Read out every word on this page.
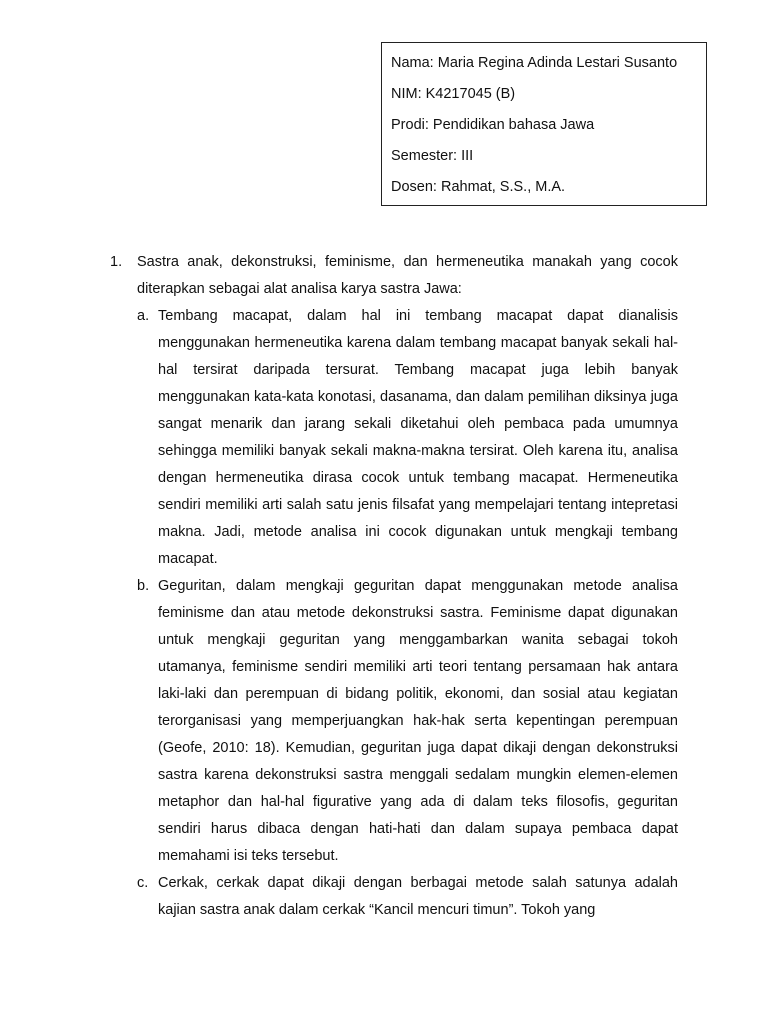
Nama: Maria Regina Adinda Lestari Susanto

NIM: K4217045 (B)

Prodi: Pendidikan bahasa Jawa

Semester: III

Dosen: Rahmat, S.S., M.A.

1. Sastra anak, dekonstruksi, feminisme, dan hermeneutika manakah yang cocok diterapkan sebagai alat analisa karya sastra Jawa:

a. Tembang macapat, dalam hal ini tembang macapat dapat dianalisis menggunakan hermeneutika karena dalam tembang macapat banyak sekali hal-hal tersirat daripada tersurat. Tembang macapat juga lebih banyak menggunakan kata-kata konotasi, dasanama, dan dalam pemilihan diksinya juga sangat menarik dan jarang sekali diketahui oleh pembaca pada umumnya sehingga memiliki banyak sekali makna-makna tersirat. Oleh karena itu, analisa dengan hermeneutika dirasa cocok untuk tembang macapat. Hermeneutika sendiri memiliki arti salah satu jenis filsafat yang mempelajari tentang intepretasi makna. Jadi, metode analisa ini cocok digunakan untuk mengkaji tembang macapat.

b. Geguritan, dalam mengkaji geguritan dapat menggunakan metode analisa feminisme dan atau metode dekonstruksi sastra. Feminisme dapat digunakan untuk mengkaji geguritan yang menggambarkan wanita sebagai tokoh utamanya, feminisme sendiri memiliki arti teori tentang persamaan hak antara laki-laki dan perempuan di bidang politik, ekonomi, dan sosial atau kegiatan terorganisasi yang memperjuangkan hak-hak serta kepentingan perempuan (Geofe, 2010: 18). Kemudian, geguritan juga dapat dikaji dengan dekonstruksi sastra karena dekonstruksi sastra menggali sedalam mungkin elemen-elemen metaphor dan hal-hal figurative yang ada di dalam teks filosofis, geguritan sendiri harus dibaca dengan hati-hati dan dalam supaya pembaca dapat memahami isi teks tersebut.

c. Cerkak, cerkak dapat dikaji dengan berbagai metode salah satunya adalah kajian sastra anak dalam cerkak “Kancil mencuri timun”. Tokoh yang
